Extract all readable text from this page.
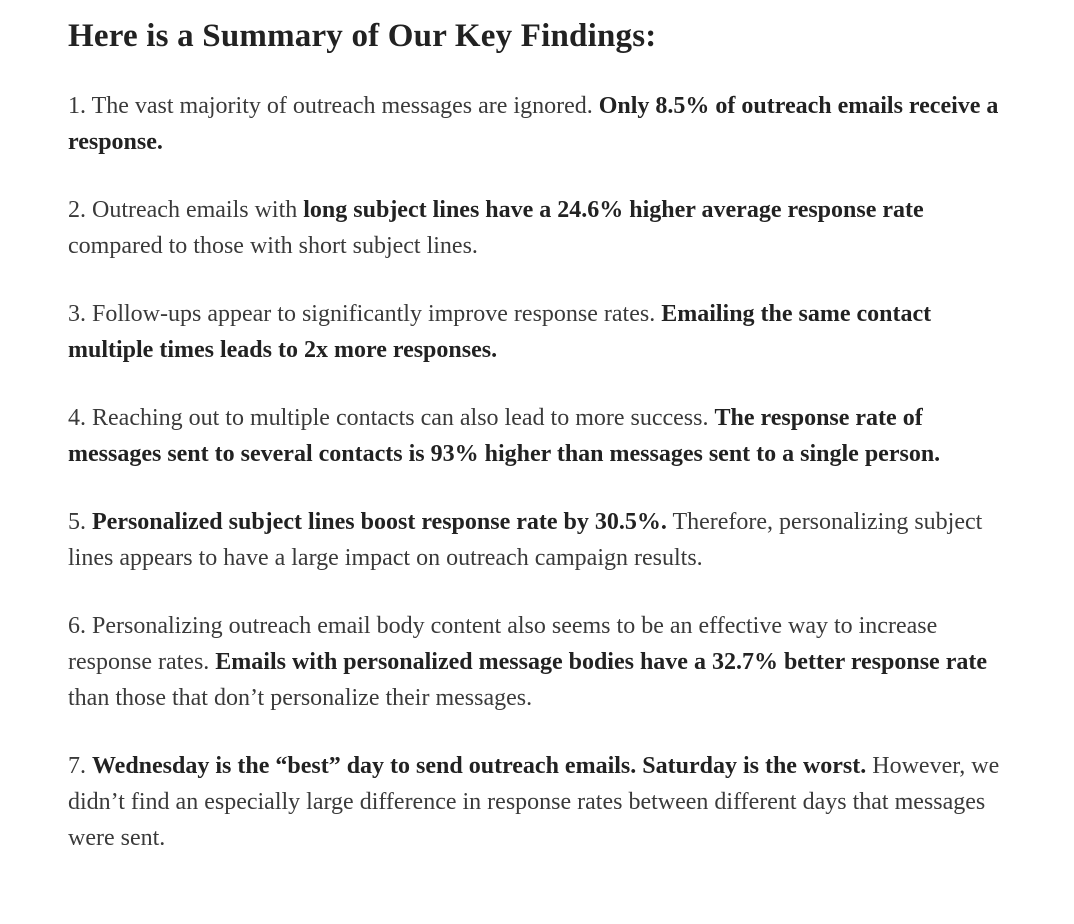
Here is a Summary of Our Key Findings:

1. The vast majority of outreach messages are ignored. Only 8.5% of outreach emails receive a response.

2. Outreach emails with long subject lines have a 24.6% higher average response rate compared to those with short subject lines.

3. Follow-ups appear to significantly improve response rates. Emailing the same contact multiple times leads to 2x more responses.

4. Reaching out to multiple contacts can also lead to more success. The response rate of messages sent to several contacts is 93% higher than messages sent to a single person.

5. Personalized subject lines boost response rate by 30.5%. Therefore, personalizing subject lines appears to have a large impact on outreach campaign results.

6. Personalizing outreach email body content also seems to be an effective way to increase response rates. Emails with personalized message bodies have a 32.7% better response rate than those that don’t personalize their messages.

7. Wednesday is the “best” day to send outreach emails. Saturday is the worst. However, we didn’t find an especially large difference in response rates between different days that messages were sent.
